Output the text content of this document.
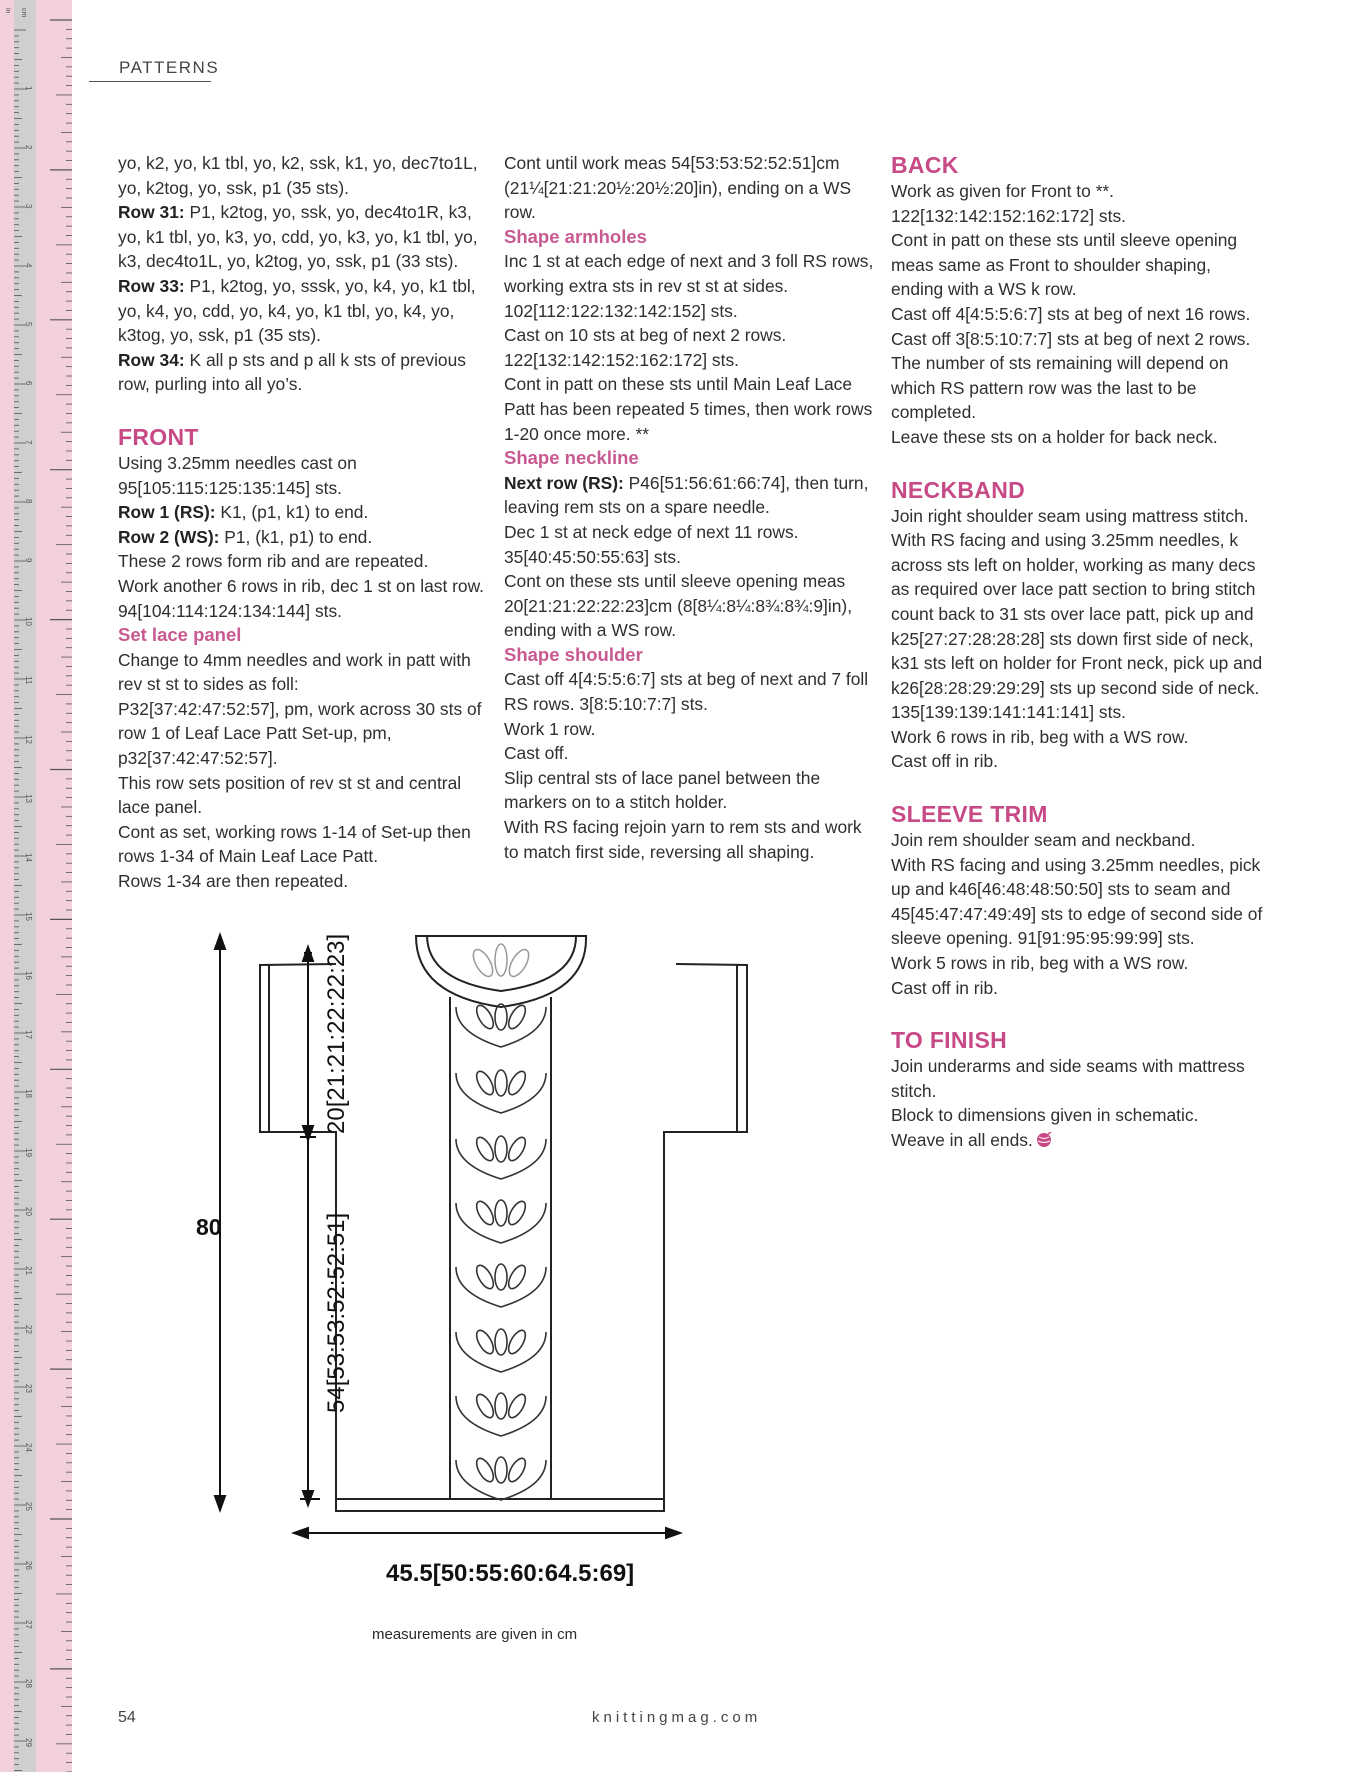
1
2
3
4
5
6
7
8
9
10
11
12
13
14
15
16
17
18
19
20
21
22
23
24
25
26
27
28
29
in cm
PATTERNS

yo, k2, yo, k1 tbl, yo, k2, ssk, k1, yo, dec7to1L, yo, k2tog, yo, ssk, p1 (35 sts).

Row 31: P1, k2tog, yo, ssk, yo, dec4to1R, k3, yo, k1 tbl, yo, k3, yo, cdd, yo, k3, yo, k1 tbl, yo, k3, dec4to1L, yo, k2tog, yo, ssk, p1 (33 sts).

Row 33: P1, k2tog, yo, sssk, yo, k4, yo, k1 tbl, yo, k4, yo, cdd, yo, k4, yo, k1 tbl, yo, k4, yo, k3tog, yo, ssk, p1 (35 sts).

Row 34: K all p sts and p all k sts of previous row, purling into all yo’s.

FRONT

Using 3.25mm needles cast on 95[105:115:125:135:145] sts.

Row 1 (RS): K1, (p1, k1) to end.

Row 2 (WS): P1, (k1, p1) to end.

These 2 rows form rib and are repeated.

Work another 6 rows in rib, dec 1 st on last row. 94[104:114:124:134:144] sts.

Set lace panel

Change to 4mm needles and work in patt with rev st st to sides as foll:

P32[37:42:47:52:57], pm, work across 30 sts of row 1 of Leaf Lace Patt Set-up, pm, p32[37:42:47:52:57].

This row sets position of rev st st and central lace panel.

Cont as set, working rows 1-14 of Set-up then rows 1-34 of Main Leaf Lace Patt.

Rows 1-34 are then repeated.

Cont until work meas 54[53:53:52:52:51]cm (21¼[21:21:20½:20½:20]in), ending on a WS row.

Shape armholes

Inc 1 st at each edge of next and 3 foll RS rows, working extra sts in rev st st at sides. 102[112:122:132:142:152] sts.

Cast on 10 sts at beg of next 2 rows. 122[132:142:152:162:172] sts.

Cont in patt on these sts until Main Leaf Lace Patt has been repeated 5 times, then work rows 1-20 once more. **

Shape neckline

Next row (RS): P46[51:56:61:66:74], then turn, leaving rem sts on a spare needle.

Dec 1 st at neck edge of next 11 rows. 35[40:45:50:55:63] sts.

Cont on these sts until sleeve opening meas 20[21:21:22:22:23]cm (8[8¼:8¼:8¾:8¾:9]in), ending with a WS row.

Shape shoulder

Cast off 4[4:5:5:6:7] sts at beg of next and 7 foll RS rows. 3[8:5:10:7:7] sts.

Work 1 row.

Cast off.

Slip central sts of lace panel between the markers on to a stitch holder.

With RS facing rejoin yarn to rem sts and work to match first side, reversing all shaping.

BACK

Work as given for Front to **. 122[132:142:152:162:172] sts.

Cont in patt on these sts until sleeve opening meas same as Front to shoulder shaping, ending with a WS k row.

Cast off 4[4:5:5:6:7] sts at beg of next 16 rows.

Cast off 3[8:5:10:7:7] sts at beg of next 2 rows.

The number of sts remaining will depend on which RS pattern row was the last to be completed.

Leave these sts on a holder for back neck.

NECKBAND

Join right shoulder seam using mattress stitch.

With RS facing and using 3.25mm needles, k across sts left on holder, working as many decs as required over lace patt section to bring stitch count back to 31 sts over lace patt, pick up and k25[27:27:28:28:28] sts down first side of neck, k31 sts left on holder for Front neck, pick up and k26[28:28:29:29:29] sts up second side of neck. 135[139:139:141:141:141] sts.

Work 6 rows in rib, beg with a WS row.

Cast off in rib.

SLEEVE TRIM

Join rem shoulder seam and neckband.

With RS facing and using 3.25mm needles, pick up and k46[46:48:48:50:50] sts to seam and 45[45:47:47:49:49] sts to edge of second side of sleeve opening. 91[91:95:95:99:99] sts.

Work 5 rows in rib, beg with a WS row.

Cast off in rib.

TO FINISH

Join underarms and side seams with mattress stitch.

Block to dimensions given in schematic.

Weave in all ends.

80
20[21:21:22:22:23]
54[53:53:52:52:51]
45.5[50:55:60:64.5:69]
measurements are given in cm
54	knittingmag.com
